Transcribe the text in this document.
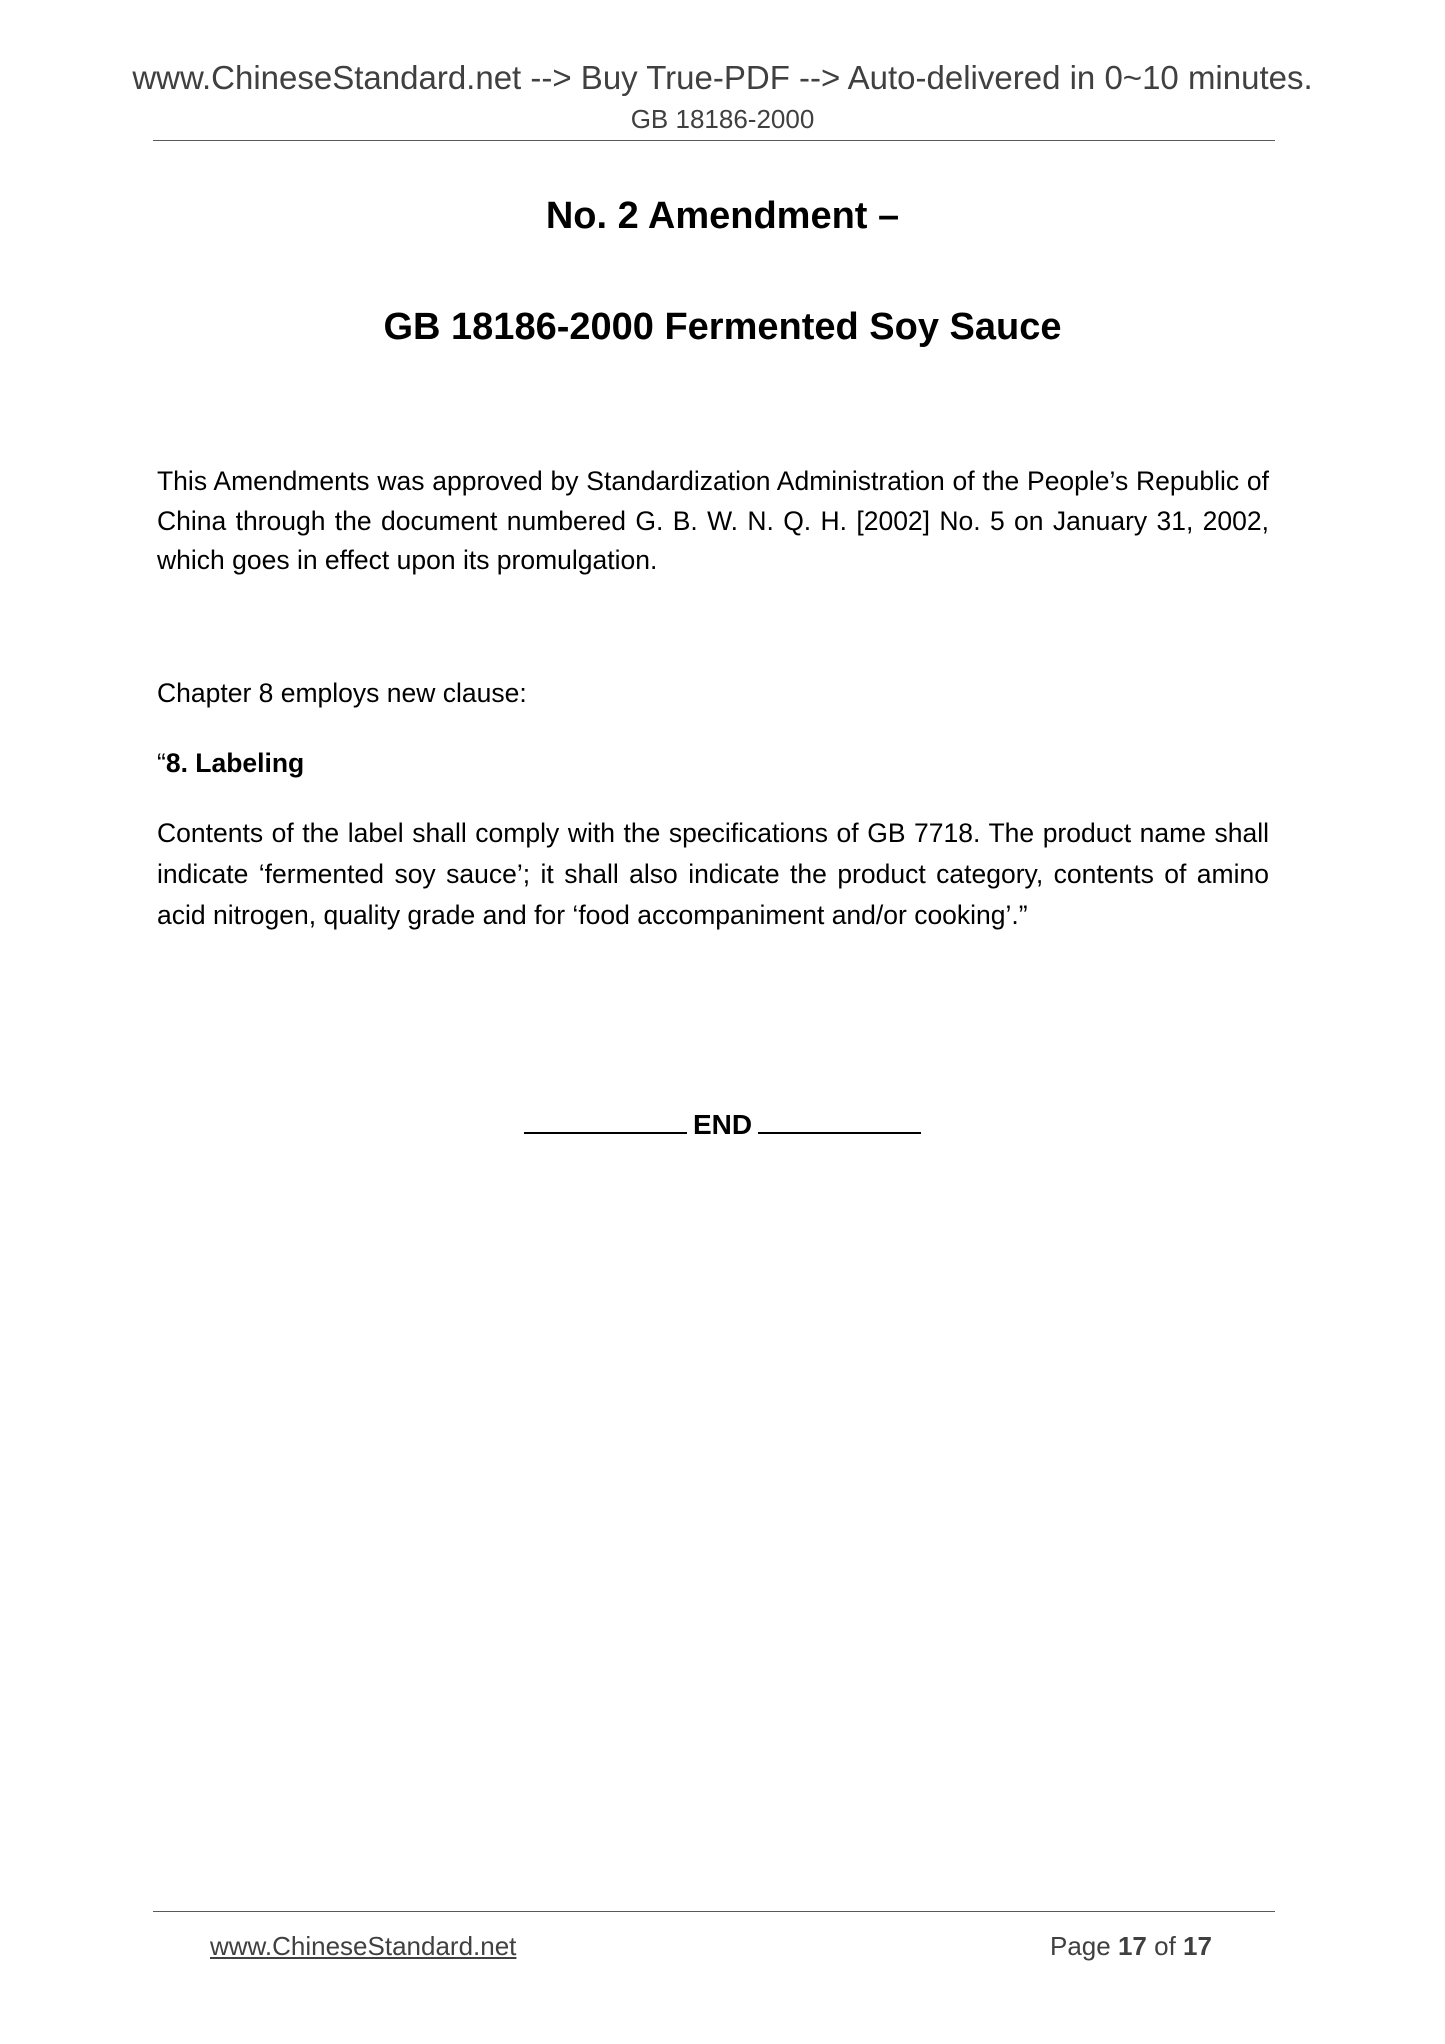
www.ChineseStandard.net --> Buy True-PDF --> Auto-delivered in 0~10 minutes.
GB 18186-2000
No. 2 Amendment –
GB 18186-2000 Fermented Soy Sauce
This Amendments was approved by Standardization Administration of the People’s Republic of China through the document numbered G. B. W. N. Q. H. [2002] No. 5 on January 31, 2002, which goes in effect upon its promulgation.
Chapter 8 employs new clause:
“8. Labeling
Contents of the label shall comply with the specifications of GB 7718. The product name shall indicate ‘fermented soy sauce’; it shall also indicate the product category, contents of amino acid nitrogen, quality grade and for ‘food accompaniment and/or cooking’.”
END
www.ChineseStandard.net	Page 17 of 17
